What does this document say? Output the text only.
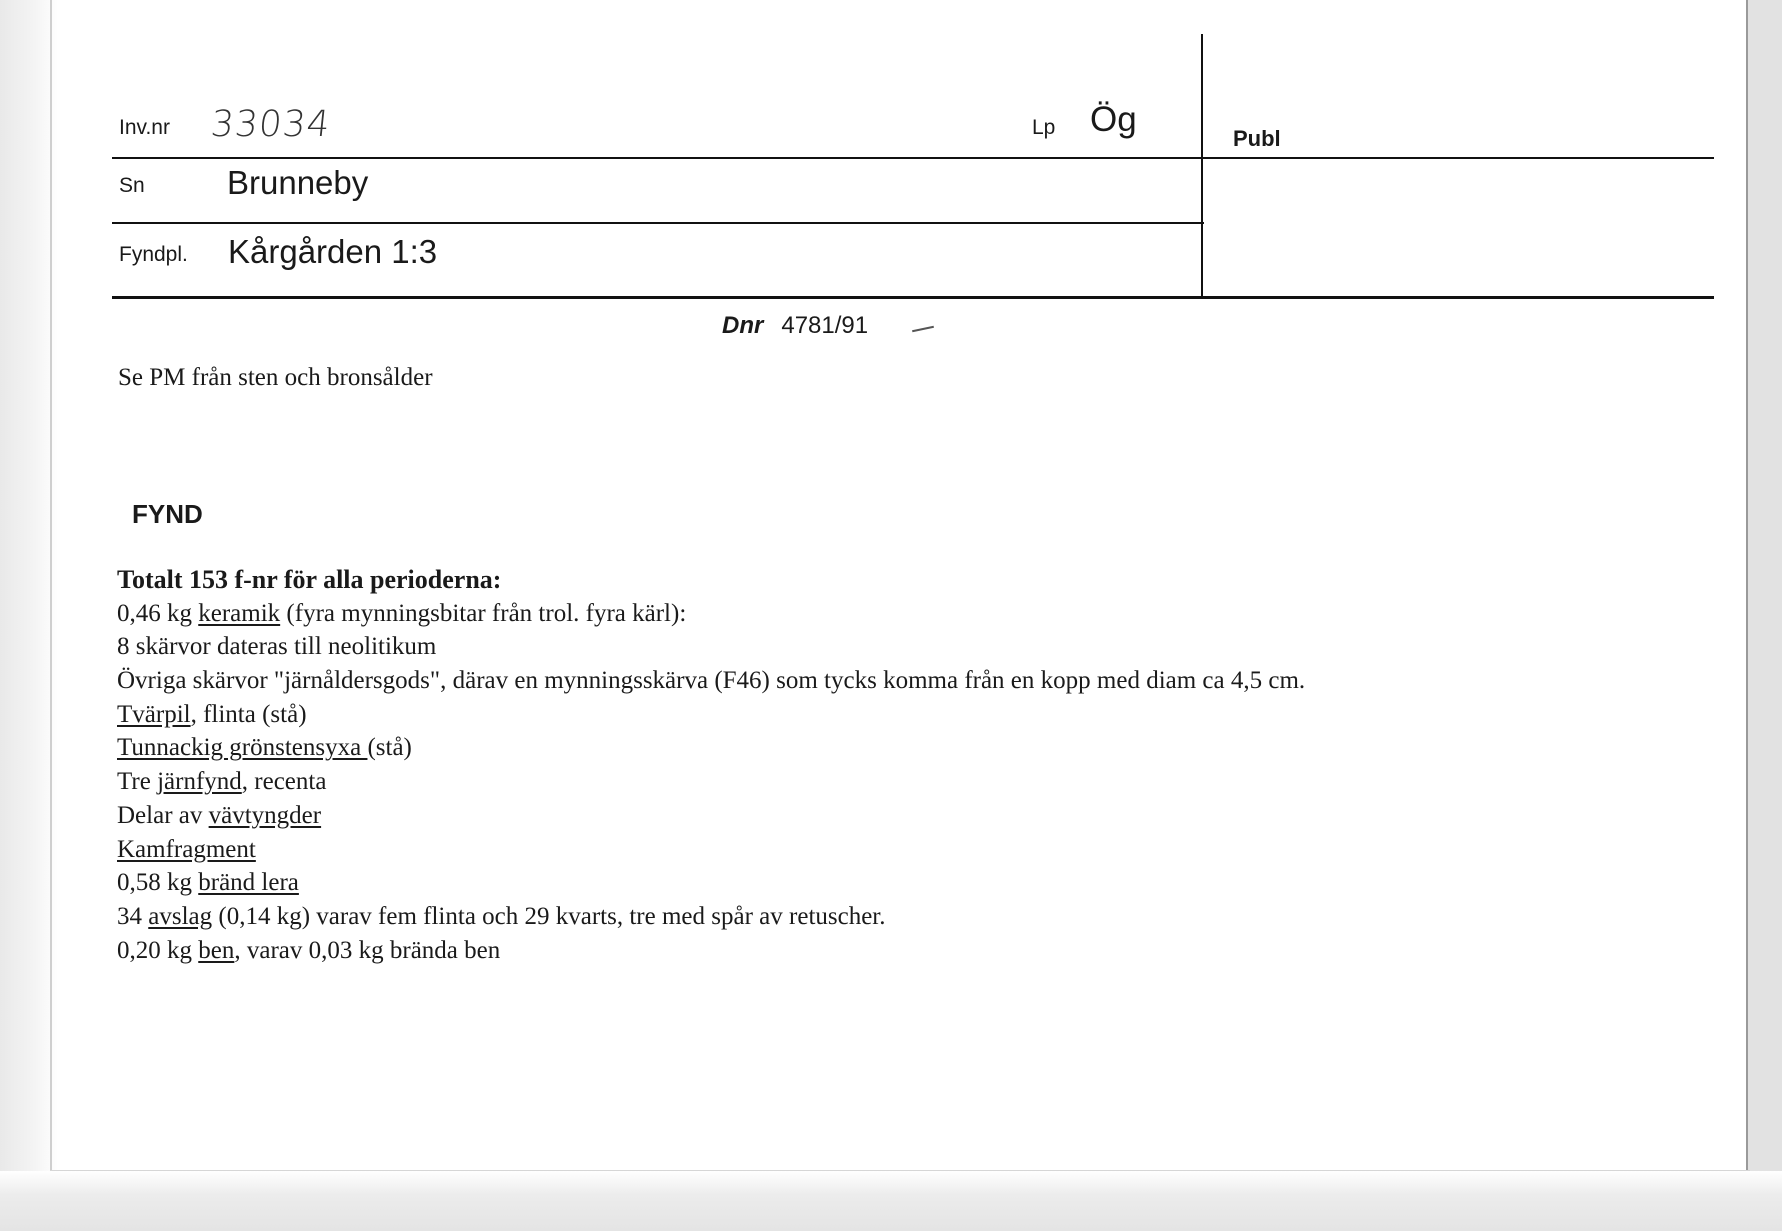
Inv.nr 33034	Lp Ög	Publ
Sn Brunneby
Fyndpl. Kårgården 1:3
Dnr 4781/91
Se PM från sten och bronsålder
FYND
Totalt 153 f-nr för alla perioderna:
0,46 kg keramik (fyra mynningsbitar från trol. fyra kärl):
8 skärvor dateras till neolitikum
Övriga skärvor "järnåldersgods", därav en mynningsskärva (F46) som tycks komma från en kopp med diam ca 4,5 cm.
Tvärpil, flinta (stå)
Tunnackig grönstensyxa (stå)
Tre järnfynd, recenta
Delar av vävtyngder
Kamfragment
0,58 kg bränd lera
34 avslag (0,14 kg) varav fem flinta och 29 kvarts, tre med spår av retuscher.
0,20 kg ben, varav 0,03 kg brända ben
